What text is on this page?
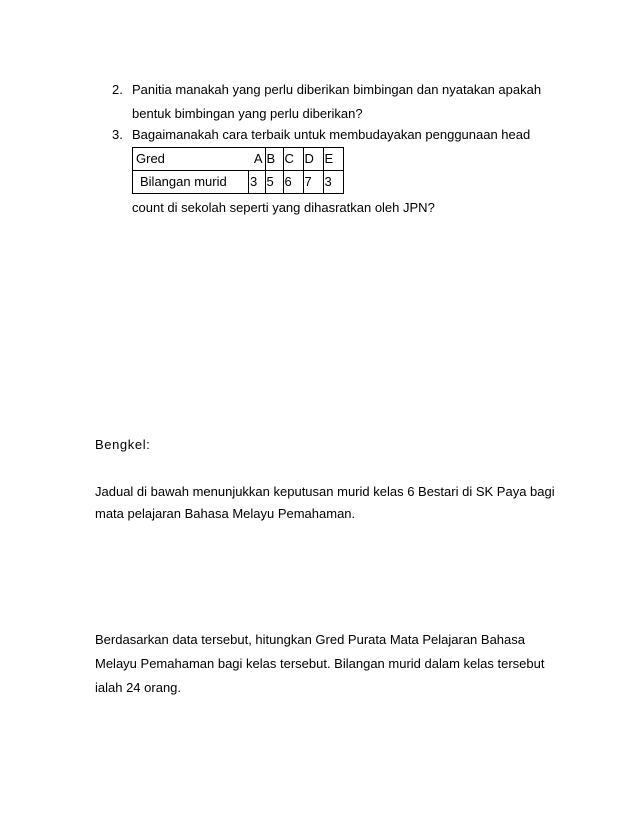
2. Panitia manakah yang perlu diberikan bimbingan dan nyatakan apakah
bentuk bimbingan yang perlu diberikan?
3. Bagaimanakah cara terbaik untuk membudayakan penggunaan head
Gred	A	B	C	D	E
Bilangan murid	3	5	6	7	3
count di sekolah seperti yang dihasratkan oleh JPN?
Bengkel:
Jadual di bawah menunjukkan keputusan murid kelas 6 Bestari di SK Paya bagi
mata pelajaran Bahasa Melayu Pemahaman.
Berdasarkan data tersebut, hitungkan Gred Purata Mata Pelajaran Bahasa
Melayu Pemahaman bagi kelas tersebut. Bilangan murid dalam kelas tersebut
ialah 24 orang.
